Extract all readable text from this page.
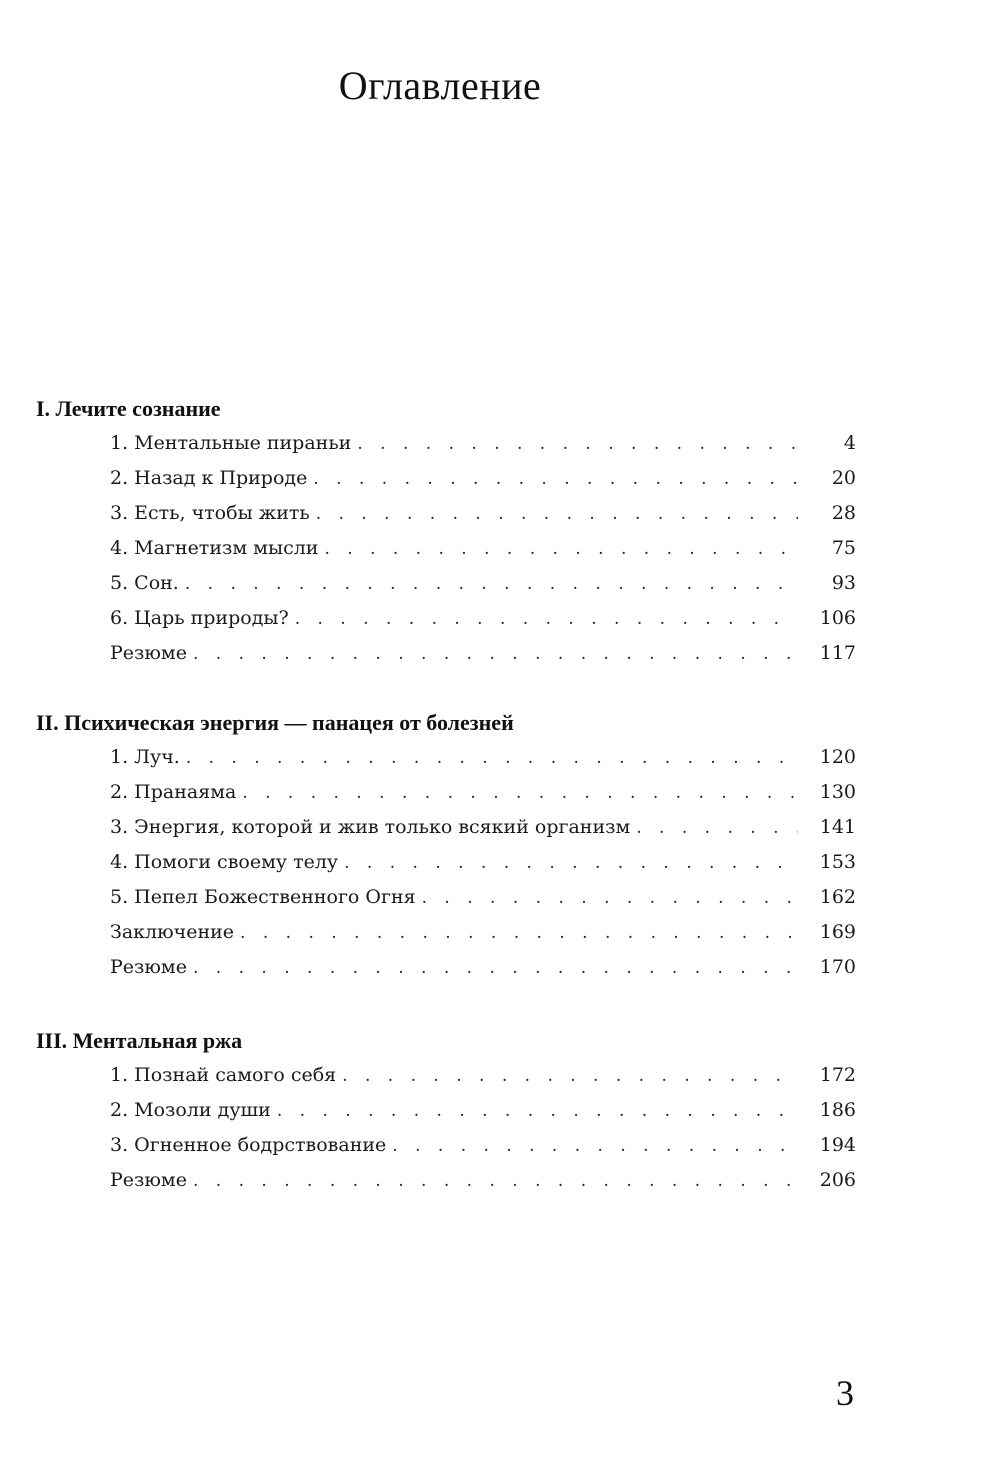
Оглавление
I. Лечите сознание
1. Ментальные пираньи . . .	4
2. Назад к Природе . . .	20
3. Есть, чтобы жить . . .	28
4. Магнетизм мысли . . .	75
5. Сон. . . .	93
6. Царь природы? . . .	106
Резюме . . .	117
II. Психическая энергия — панацея от болезней
1. Луч. . . .	120
2. Пранаяма . . .	130
3. Энергия, которой и жив только всякий организм . . .	141
4. Помоги своему телу . . .	153
5. Пепел Божественного Огня . . .	162
Заключение . . .	169
Резюме . . .	170
III. Ментальная ржа
1. Познай самого себя . . .	172
2. Мозоли души . . .	186
3. Огненное бодрствование . . .	194
Резюме . . .	206
3
